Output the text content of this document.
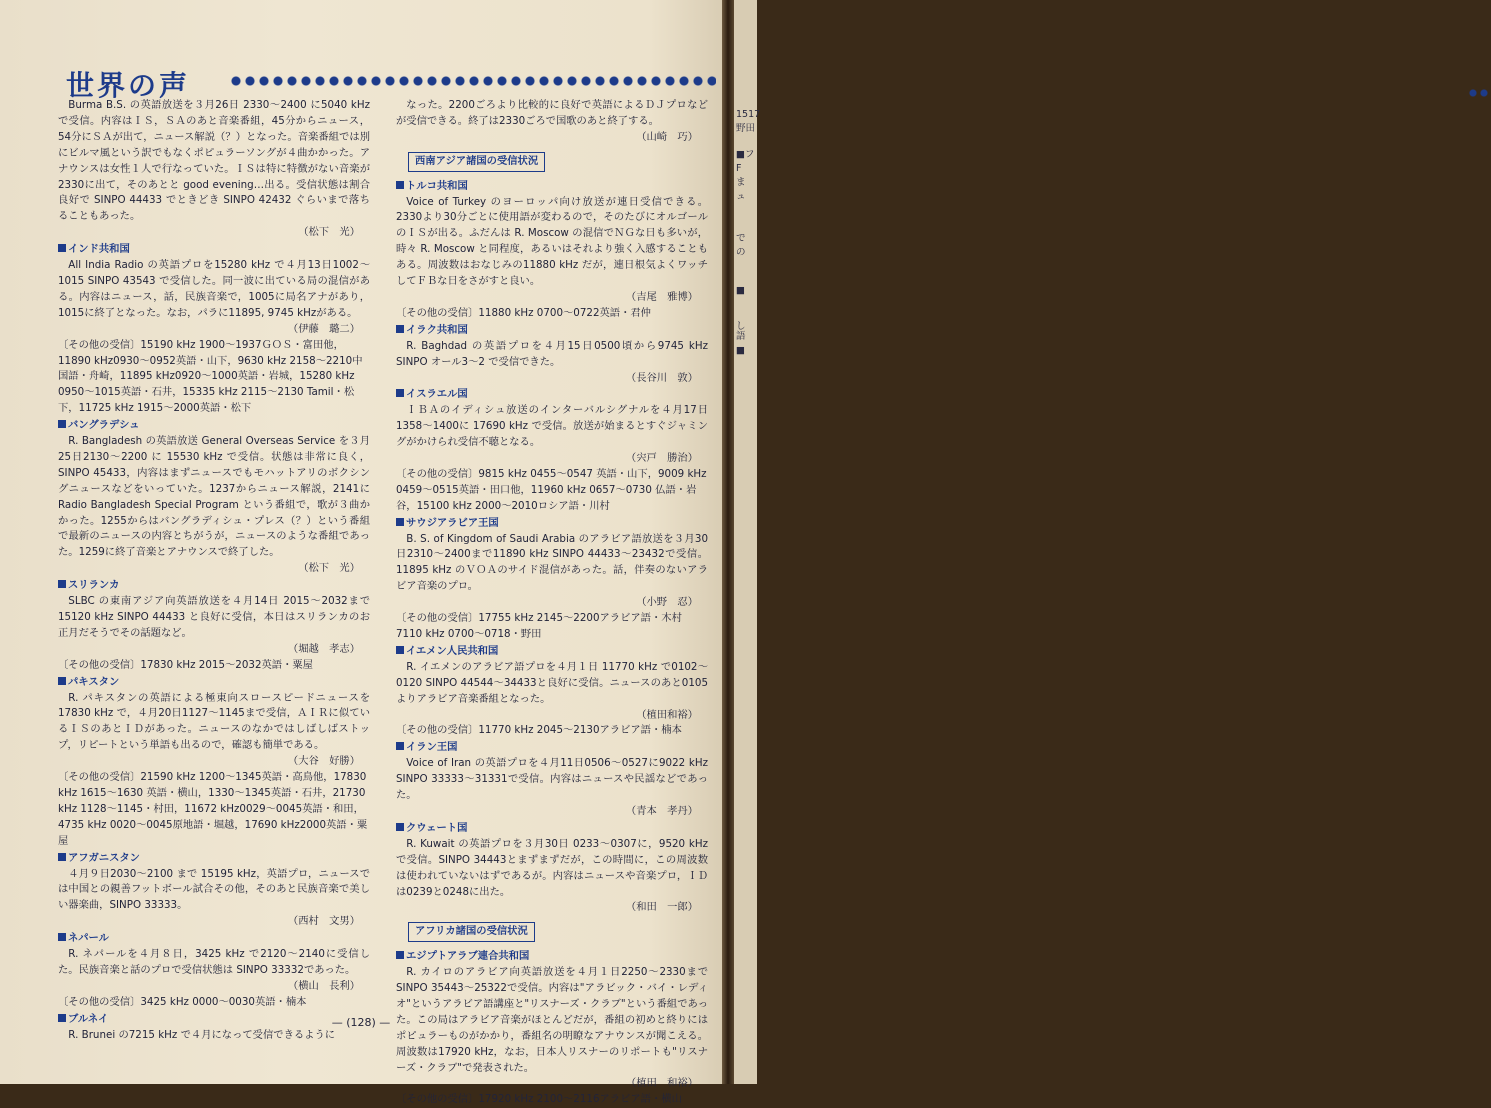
世界の声

Burma B.S. の英語放送を３月26日 2330～2400 に5040 kHz で受信。内容はＩＳ，ＳＡのあと音楽番組，45分からニュース，54分にＳＡが出て，ニュース解説（？）となった。音楽番組では別にビルマ風という訳でもなくポピュラーソングが４曲かかった。アナウンスは女性１人で行なっていた。ＩＳは特に特徴がない音楽が2330に出て，そのあとと good evening…出る。受信状態は割合良好で SINPO 44433 でときどき SINPO 42432 ぐらいまで落ちることもあった。

（松下　光）

インド共和国

All India Radio の英語プロを15280 kHz で４月13日1002～1015 SINPO 43543 で受信した。同一波に出ている局の混信がある。内容はニュース，話，民族音楽で，1005に局名アナがあり，1015に終了となった。なお，パラに11895, 9745 kHzがある。

（伊藤　璐二）

〔その他の受信〕15190 kHz 1900～1937ＧＯＳ・富田他，11890 kHz0930～0952英語・山下，9630 kHz 2158～2210中国語・舟崎，11895 kHz0920～1000英語・岩城，15280 kHz 0950～1015英語・石井，15335 kHz 2115～2130 Tamil・松下，11725 kHz 1915～2000英語・松下

バングラデシュ

R. Bangladesh の英語放送 General Overseas Service を３月25日2130～2200 に 15530 kHz で受信。状態は非常に良く，SINPO 45433，内容はまずニュースでもモハットアリのボクシングニュースなどをいっていた。1237からニュース解説，2141に Radio Bangladesh Special Program という番組で，歌が３曲かかった。1255からはバングラディシュ・プレス（？）という番組で最新のニュースの内容とちがうが，ニュースのような番組であった。1259に終了音楽とアナウンスで終了した。

（松下　光）

スリランカ

SLBC の東南アジア向英語放送を４月14日 2015～2032まで15120 kHz SINPO 44433 と良好に受信，本日はスリランカのお正月だそうでその話題など。

（堀越　孝志）

〔その他の受信〕17830 kHz 2015～2032英語・粟屋

パキスタン

R. パキスタンの英語による極東向スロースピードニュースを17830 kHz で，４月20日1127～1145まで受信，ＡＩＲに似ているＩＳのあとＩＤがあった。ニュースのなかではしばしばストップ，リピートという単語も出るので，確認も簡単である。

（大谷　好勝）

〔その他の受信〕21590 kHz 1200～1345英語・高鳥他，17830 kHz 1615～1630 英語・横山，1330～1345英語・石井，21730 kHz 1128～1145・村田，11672 kHz0029～0045英語・和田，4735 kHz 0020～0045原地語・堀越，17690 kHz2000英語・粟屋

アフガニスタン

４月９日2030～2100 まで 15195 kHz，英語プロ，ニュースでは中国との親善フットボール試合その他，そのあと民族音楽で美しい器楽曲，SINPO 33333。

（西村　文男）

ネパール

R. ネパールを４月８日，3425 kHz で2120～2140に受信した。民族音楽と話のプロで受信状態は SINPO 33332であった。

（横山　長利）

〔その他の受信〕3425 kHz 0000～0030英語・楠本

ブルネイ

R. Brunei の7215 kHz で４月になって受信できるように

なった。2200ごろより比較的に良好で英語によるＤＪプロなどが受信できる。終了は2330ごろで国歌のあと終了する。

（山崎　巧）

西南アジア諸国の受信状況
トルコ共和国

Voice of Turkey のヨーロッパ向け放送が連日受信できる。2330より30分ごとに使用語が変わるので，そのたびにオルゴールのＩＳが出る。ふだんは R. Moscow の混信でＮＧな日も多いが，時々 R. Moscow と同程度，あるいはそれより強く入感することもある。周波数はおなじみの11880 kHz だが，連日根気よくワッチしてＦＢな日をさがすと良い。

（吉尾　雅博）

〔その他の受信〕11880 kHz 0700～0722英語・君仲

イラク共和国

R. Baghdad の英語プロを４月15日0500頃から9745 kHz SINPO オール3～2 で受信できた。

（長谷川　敦）

イスラエル国

ＩＢＡのイディシュ放送のインターバルシグナルを４月17日1358～1400に 17690 kHz で受信。放送が始まるとすぐジャミングがかけられ受信不聴となる。

（宍戸　勝治）

〔その他の受信〕9815 kHz 0455～0547 英語・山下，9009 kHz 0459～0515英語・田口他，11960 kHz 0657～0730 仏語・岩谷，15100 kHz 2000～2010ロシア語・川村

サウジアラビア王国

B. S. of Kingdom of Saudi Arabia のアラビア語放送を３月30日2310～2400まで11890 kHz SINPO 44433～23432で受信。11895 kHz のＶＯＡのサイド混信があった。話，伴奏のないアラビア音楽のプロ。

（小野　忍）

〔その他の受信〕17755 kHz 2145～2200アラビア語・木村 7110 kHz 0700～0718・野田

イエメン人民共和国

R. イエメンのアラビア語プロを４月１日 11770 kHz で0102～0120 SINPO 44544～34433と良好に受信。ニュースのあと0105よりアラビア音楽番組となった。

（植田和裕）

〔その他の受信〕11770 kHz 2045～2130アラビア語・楠本

イラン王国

Voice of Iran の英語プロを４月11日0506～0527に9022 kHz SINPO 33333～31331で受信。内容はニュースや民謡などであった。

（青本　孝丹）

クウェート国

R. Kuwait の英語プロを３月30日 0233～0307に，9520 kHzで受信。SINPO 34443とまずまずだが，この時間に，この周波数は使われていないはずであるが。内容はニュースや音楽プロ，ＩＤは0239と0248に出た。

（和田　一郎）

アフリカ諸国の受信状況
エジプトアラブ連合共和国

R. カイロのアラビア向英語放送を４月１日2250～2330まで SINPO 35443～25322で受信。内容は"アラビック・バイ・レディオ"というアラビア語講座と"リスナーズ・クラブ"という番組であった。この局はアラビア音楽がほとんどだが，番組の初めと終りにはポピュラーものがかかり，番組名の明瞭なアナウンスが聞こえる。周波数は17920 kHz，なお，日本人リスナーのリポートも"リスナーズ・クラブ"で発表された。

（植田　和裕）

〔その他の受信〕17920 kHz 2100～2116アラビア語・横山

— (128) —
1517
野田
■フ
F
ま
ュ
で
の
■
し
語
■
